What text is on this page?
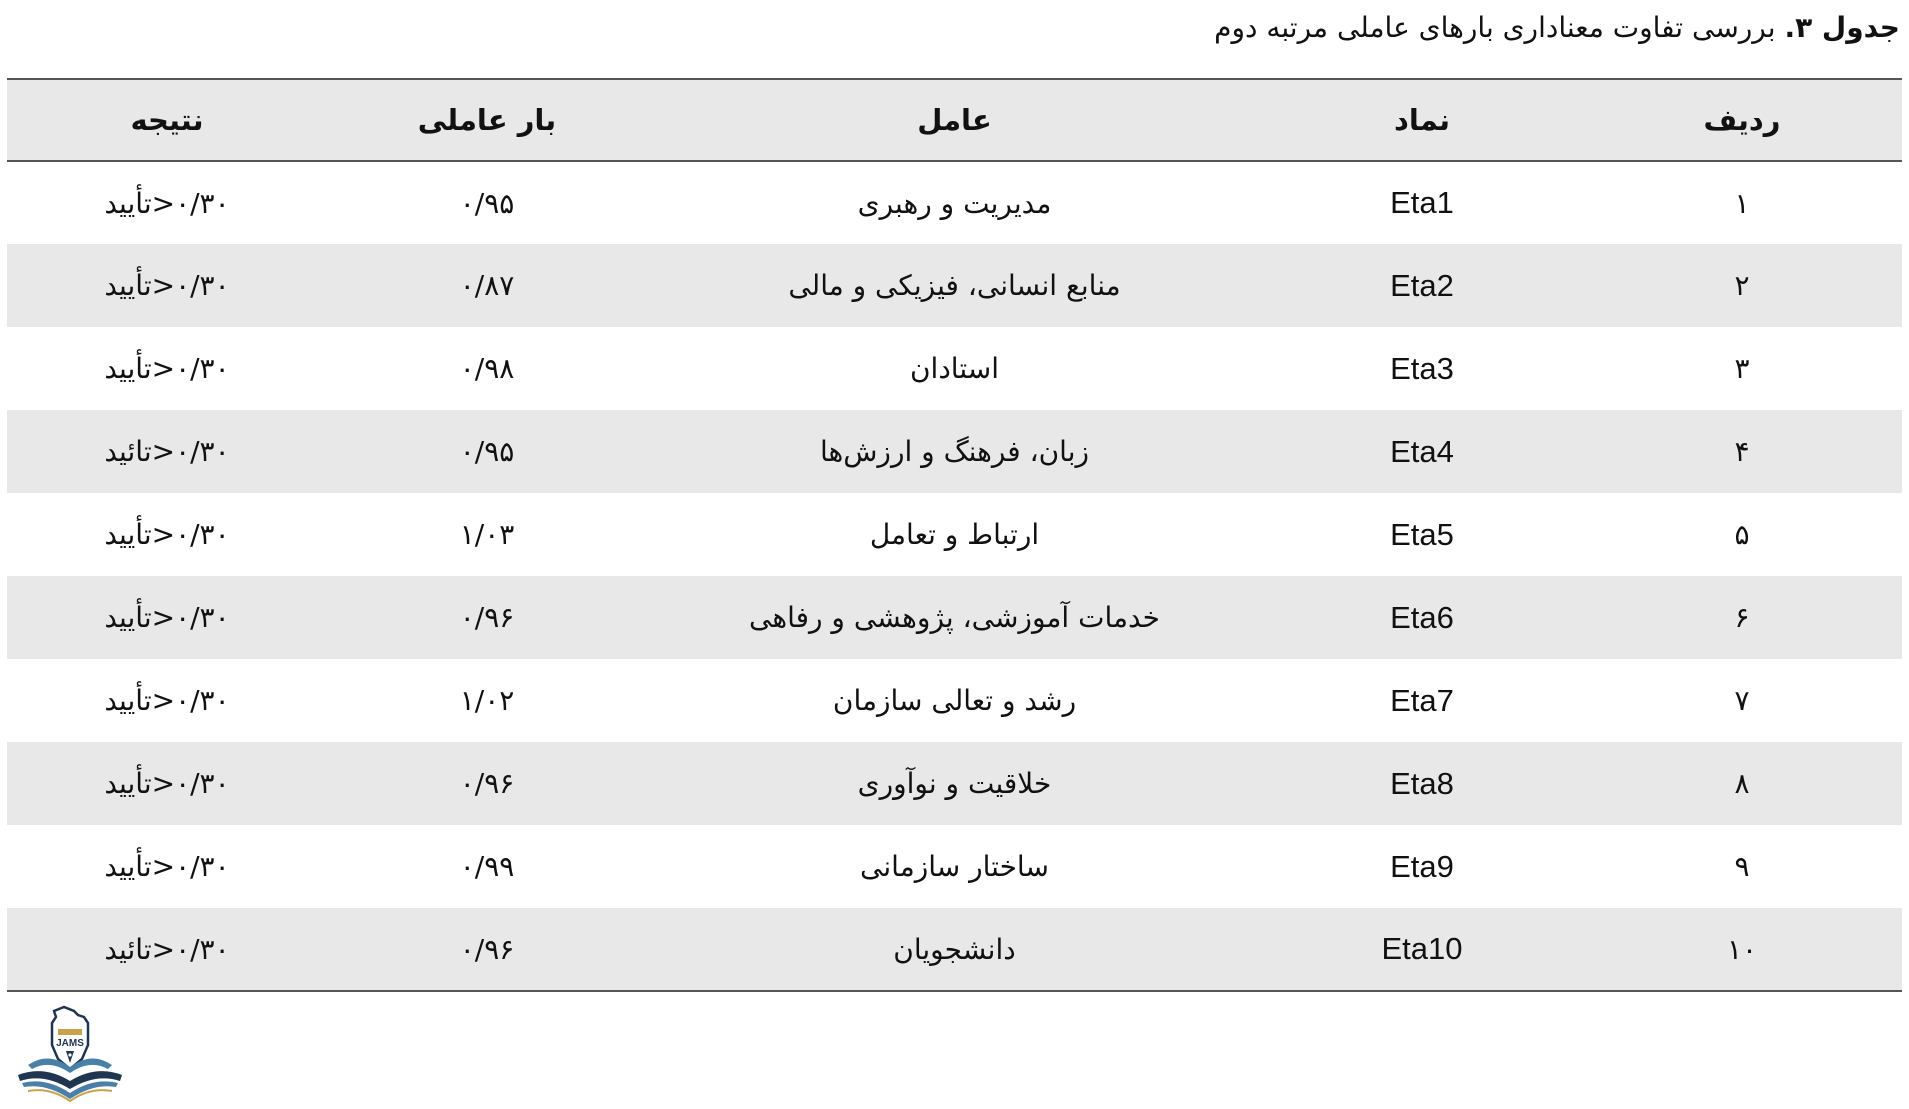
جدول ۳. بررسی تفاوت معناداری بارهای عاملی مرتبه دوم
ردیف	نماد	عامل	بار عاملی	نتیجه
۱	Eta1	مدیریت و رهبری	۰/۹۵	۰/۳۰<تأیید
۲	Eta2	منابع انسانی، فیزیکی و مالی	۰/۸۷	۰/۳۰<تأیید
۳	Eta3	استادان	۰/۹۸	۰/۳۰<تأیید
۴	Eta4	زبان، فرهنگ و ارزش‌ها	۰/۹۵	۰/۳۰<تائید
۵	Eta5	ارتباط و تعامل	۱/۰۳	۰/۳۰<تأیید
۶	Eta6	خدمات آموزشی، پژوهشی و رفاهی	۰/۹۶	۰/۳۰<تأیید
۷	Eta7	رشد و تعالی سازمان	۱/۰۲	۰/۳۰<تأیید
۸	Eta8	خلاقیت و نوآوری	۰/۹۶	۰/۳۰<تأیید
۹	Eta9	ساختار سازمانی	۰/۹۹	۰/۳۰<تأیید
۱۰	Eta10	دانشجویان	۰/۹۶	۰/۳۰<تائید
JAMS
